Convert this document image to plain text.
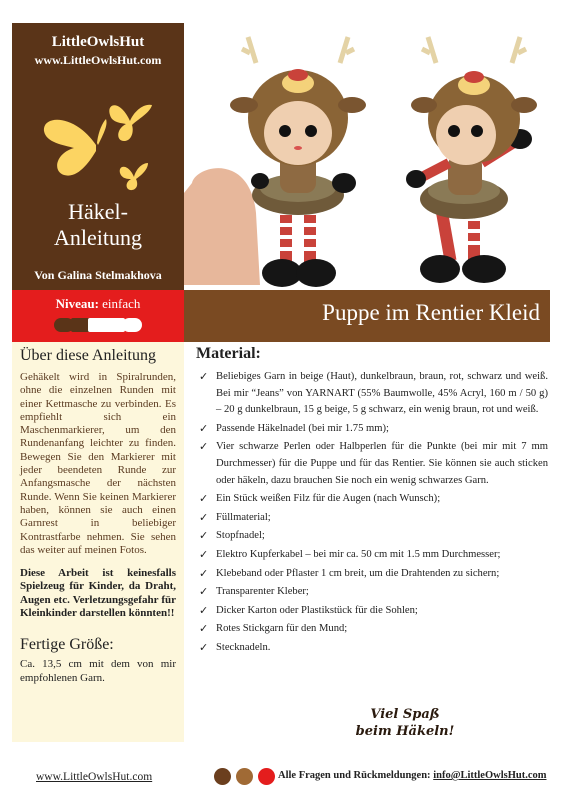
LittleOwlsHut
www.LittleOwlsHut.com
Häkel-
Anleitung
Von Galina Stelmakhova
Niveau: einfach	Puppe im Rentier Kleid
Über diese Anleitung
Gehäkelt wird in Spiralrunden, ohne die einzelnen Runden mit einer Kettmasche zu verbinden. Es empfiehlt sich ein Maschenmarkierer, um den Rundenanfang leichter zu finden. Bewegen Sie den Markierer mit jeder beendeten Runde zur Anfangsmasche der nächsten Runde. Wenn Sie keinen Markierer haben, können sie auch einen Garnrest in beliebiger Kontrastfarbe nehmen. Sie sehen das weiter auf meinen Fotos.
Diese Arbeit ist keinesfalls Spielzeug für Kinder, da Draht, Augen etc. Verletzungsgefahr für Kleinkinder darstellen könnten!!
Fertige Größe:
Ca. 13,5 cm mit dem von mir empfohlenen Garn.
Material:
✓ Beliebiges Garn in beige (Haut), dunkelbraun, braun, rot, schwarz und weiß. Bei mir “Jeans” von YARNART (55% Baumwolle, 45% Acryl, 160 m / 50 g) – 20 g dunkelbraun, 15 g beige, 5 g schwarz, ein wenig braun, rot und weiß.
✓ Passende Häkelnadel (bei mir 1.75 mm);
✓ Vier schwarze Perlen oder Halbperlen für die Punkte (bei mir mit 7 mm Durchmesser) für die Puppe und für das Rentier. Sie können sie auch sticken oder häkeln, dazu brauchen Sie noch ein wenig schwarzes Garn.
✓ Ein Stück weißen Filz für die Augen (nach Wunsch);
✓ Füllmaterial;
✓ Stopfnadel;
✓ Elektro Kupferkabel – bei mir ca. 50 cm mit 1.5 mm Durchmesser;
✓ Klebeband oder Pflaster 1 cm breit, um die Drahtenden zu sichern;
✓ Transparenter Kleber;
✓ Dicker Karton oder Plastikstück für die Sohlen;
✓ Rotes Stickgarn für den Mund;
✓ Stecknadeln.
Viel Spaß
beim Häkeln!
www.LittleOwlsHut.com	Alle Fragen und Rückmeldungen: info@LittleOwlsHut.com
